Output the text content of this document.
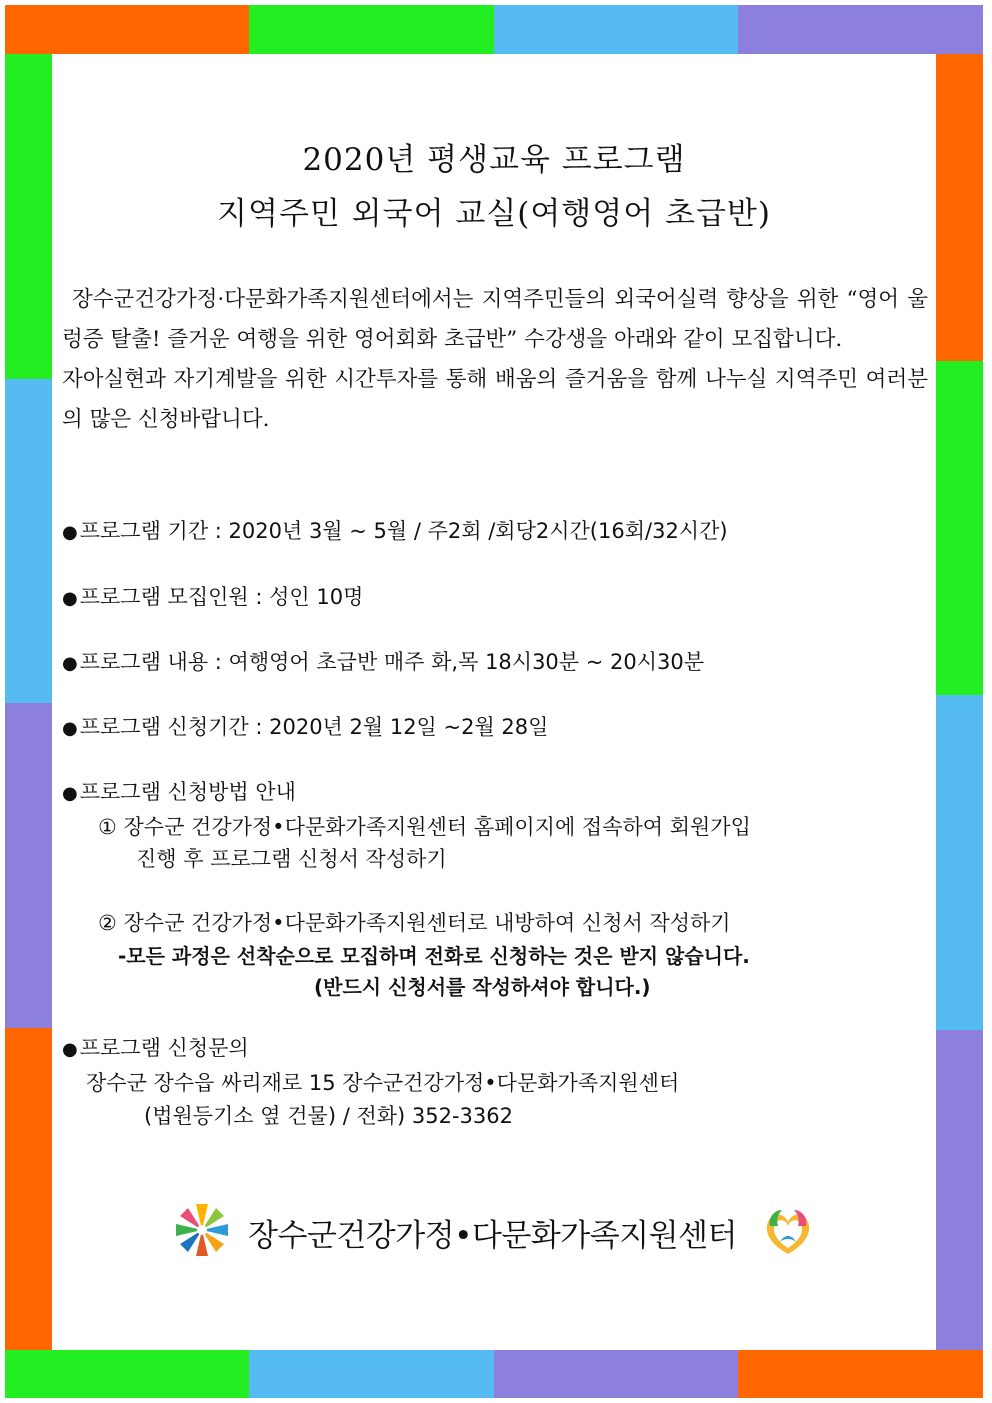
2020년 평생교육 프로그램
지역주민 외국어 교실(여행영어 초급반)

장수군건강가정·다문화가족지원센터에서는 지역주민들의 외국어실력 향상을 위한 “영어 울렁증 탈출! 즐거운 여행을 위한 영어회화 초급반” 수강생을 아래와 같이 모집합니다.

자아실현과 자기계발을 위한 시간투자를 통해 배움의 즐거움을 함께 나누실 지역주민 여러분의 많은 신청바랍니다.

●프로그램 기간 : 2020년 3월 ~ 5월 / 주2회 /회당2시간(16회/32시간)
●프로그램 모집인원 : 성인 10명
●프로그램 내용 : 여행영어 초급반 매주 화,목 18시30분 ~ 20시30분
●프로그램 신청기간 : 2020년 2월 12일 ~2월 28일
●프로그램 신청방법 안내
① 장수군 건강가정•다문화가족지원센터 홈페이지에 접속하여 회원가입
진행 후 프로그램 신청서 작성하기
② 장수군 건강가정•다문화가족지원센터로 내방하여 신청서 작성하기
-모든 과정은 선착순으로 모집하며 전화로 신청하는 것은 받지 않습니다.
(반드시 신청서를 작성하셔야 합니다.)
●프로그램 신청문의
장수군 장수읍 싸리재로 15 장수군건강가정•다문화가족지원센터
(법원등기소 옆 건물) / 전화) 352-3362
장수군건강가정•다문화가족지원센터
